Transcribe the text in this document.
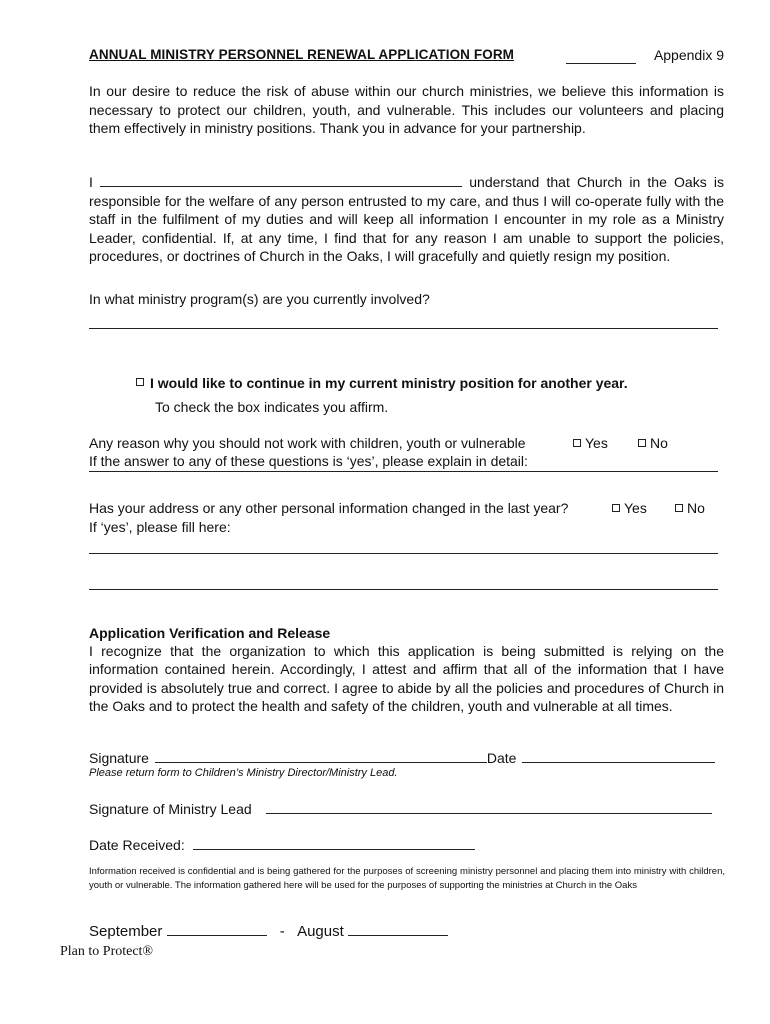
ANNUAL MINISTRY PERSONNEL RENEWAL APPLICATION FORM	Appendix 9

In our desire to reduce the risk of abuse within our church ministries, we believe this information is necessary to protect our children, youth, and vulnerable. This includes our volunteers and placing them effectively in ministry positions. Thank you in advance for your partnership.

I	understand that Church in the Oaks is responsible for the welfare of any person entrusted to my care, and thus I will co-operate fully with the staff in the fulfilment of my duties and will keep all information I encounter in my role as a Ministry Leader, confidential. If, at any time, I find that for any reason I am unable to support the policies, procedures, or doctrines of Church in the Oaks, I will gracefully and quietly resign my position.

In what ministry program(s) are you currently involved?
I would like to continue in my current ministry position for another year.
To check the box indicates you affirm.
Any reason why you should not work with children, youth or vulnerable	Yes	No
If the answer to any of these questions is ‘yes’, please explain in detail:
Has your address or any other personal information changed in the last year?	Yes	No
If ‘yes’, please fill here:
Application Verification and Release

I recognize that the organization to which this application is being submitted is relying on the information contained herein. Accordingly, I attest and affirm that all of the information that I have provided is absolutely true and correct. I agree to abide by all the policies and procedures of Church in the Oaks and to protect the health and safety of the children, youth and vulnerable at all times.

Signature	Date
Please return form to Children’s Ministry Director/Ministry Lead.
Signature of Ministry Lead
Date Received:

Information received is confidential and is being gathered for the purposes of screening ministry personnel and placing them into ministry with children, youth or vulnerable. The information gathered here will be used for the purposes of supporting the ministries at Church in the Oaks

September	- August
Plan to Protect®
